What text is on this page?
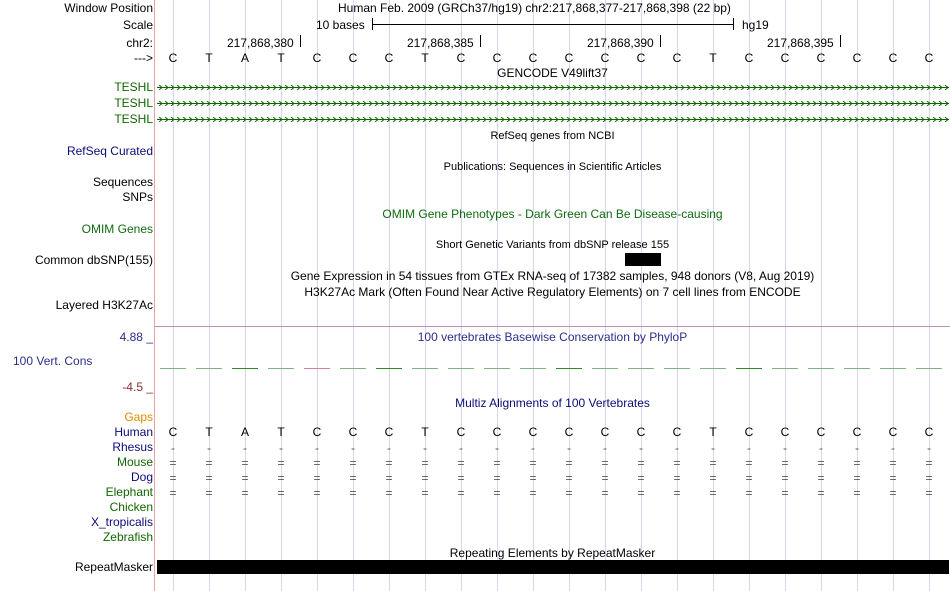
Window Position
Scale
chr2:
--->
Human Feb. 2009 (GRCh37/hg19) chr2:217,868,377-217,868,398 (22 bp)
10 bases	hg19
217,868,380	217,868,385	217,868,390	217,868,395
C	T	A	T	C	C	C	T	C	C	C	C	C	C	C	T	C	C	C	C	C	C
GENCODE V49lift37
TESHL
TESHL
TESHL
RefSeq genes from NCBI
RefSeq Curated
Publications: Sequences in Scientific Articles
Sequences
SNPs
OMIM Gene Phenotypes - Dark Green Can Be Disease-causing
OMIM Genes
Short Genetic Variants from dbSNP release 155
Common dbSNP(155)
Gene Expression in 54 tissues from GTEx RNA-seq of 17382 samples, 948 donors (V8, Aug 2019)
H3K27Ac Mark (Often Found Near Active Regulatory Elements) on 7 cell lines from ENCODE
Layered H3K27Ac
100 vertebrates Basewise Conservation by PhyloP
4.88 _
100 Vert. Cons
-4.5 _
Multiz Alignments of 100 Vertebrates
Gaps
Human
Rhesus
Mouse
Dog
Elephant
Chicken
X_tropicalis
Zebrafish
C	T	A	T	C	C	C	T	C	C	C	C	C	C	C	T	C	C	C	C	C	C
-	-	-	-	-	-	-	-	-	-	-	-	-	-	-	-	-	-	-	-	-	-
=	=	=	=	=	=	=	=	=	=	=	=	=	=	=	=	=	=	=	=	=	=
=	=	=	=	=	=	=	=	=	=	=	=	=	=	=	=	=	=	=	=	=	=
=	=	=	=	=	=	=	=	=	=	=	=	=	=	=	=	=	=	=	=	=	=
Repeating Elements by RepeatMasker
RepeatMasker
